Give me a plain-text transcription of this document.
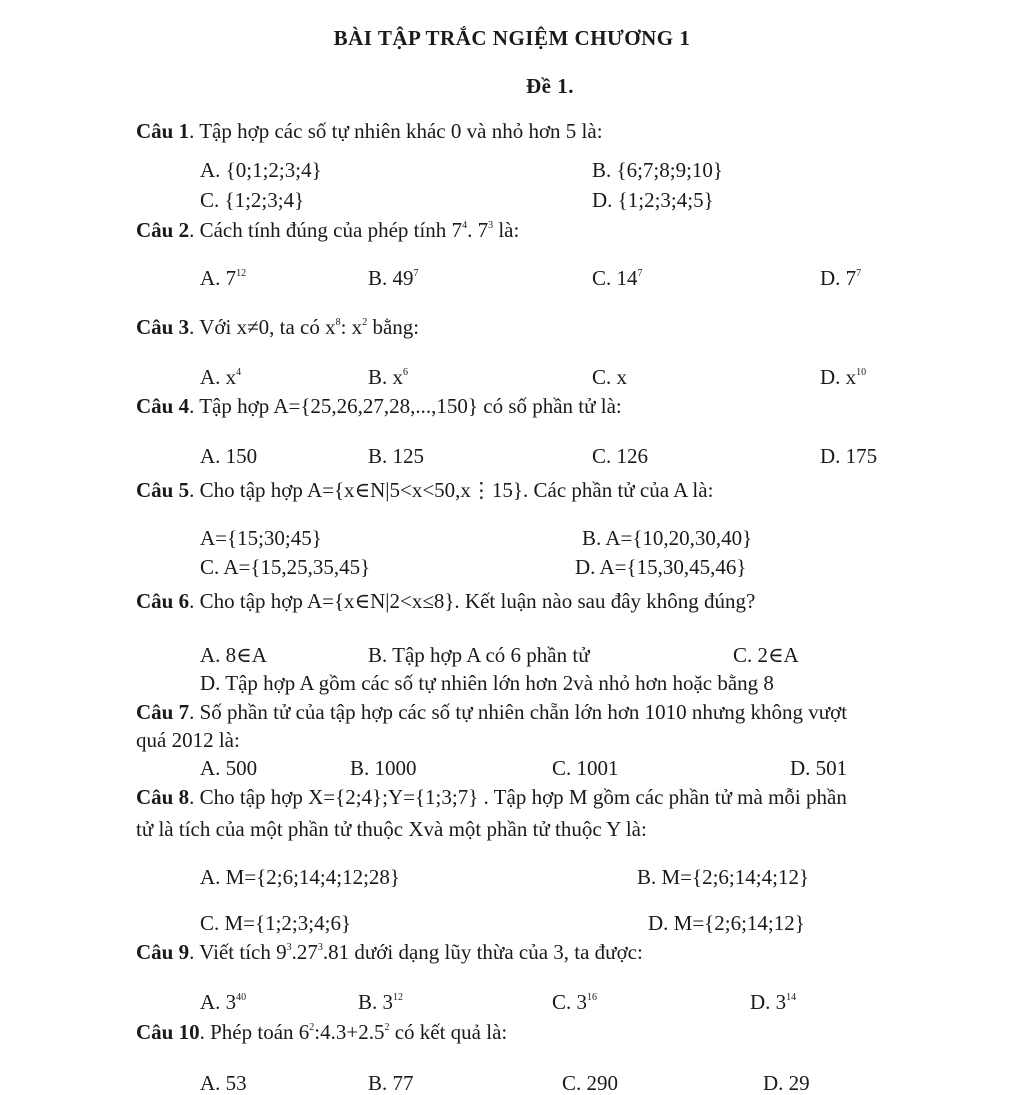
BÀI TẬP TRẮC NGIỆM CHƯƠNG 1
Đề 1.
Câu 1. Tập hợp các số tự nhiên khác 0 và nhỏ hơn 5 là:
A. {0;1;2;3;4}	B. {6;7;8;9;10}
C. {1;2;3;4}	D. {1;2;3;4;5}
Câu 2. Cách tính đúng của phép tính $7^4$. $7^3$ là:
A. $7^{12}$	B. $49^7$	C. $14^7$	D. $7^7$
Câu 3. Với x≠0, ta có $x^8$: $x^2$ bằng:
A. $x^4$	B. $x^6$	C. x	D. $x^{10}$
Câu 4. Tập hợp A={25,26,27,28,...,150} có số phần tử là:
A. 150	B. 125	C. 126	D. 175
Câu 5. Cho tập hợp A={x∈N|5<x<50,x⋮15}. Các phần tử của A là:
A={15;30;45}	B. A={10,20,30,40}
C. A={15,25,35,45}	D. A={15,30,45,46}
Câu 6. Cho tập hợp A={x∈N|2<x≤8}. Kết luận nào sau đây không đúng?
A. 8∈A	B. Tập hợp A có 6 phần tử	C. 2∈A
D. Tập hợp A gồm các số tự nhiên lớn hơn 2và nhỏ hơn hoặc bằng 8
Câu 7. Số phần tử của tập hợp các số tự nhiên chẵn lớn hơn 1010 nhưng không vượt
quá 2012 là:
A. 500	B. 1000	C. 1001	D. 501
Câu 8. Cho tập hợp X={2;4};Y={1;3;7} . Tập hợp M gồm các phần tử mà mỗi phần
tử là tích của một phần tử thuộc Xvà một phần tử thuộc Y là:
A. M={2;6;14;4;12;28}	B. M={2;6;14;4;12}
C. M={1;2;3;4;6}	D. M={2;6;14;12}
Câu 9. Viết tích $9^3.27^3.81$ dưới dạng lũy thừa của 3, ta được:
A. $3^{40}$	B. $3^{12}$	C. $3^{16}$	D. $3^{14}$
Câu 10. Phép toán $6^2:4.3+2.5^2$ có kết quả là:
A. 53	B. 77	C. 290	D. 29
